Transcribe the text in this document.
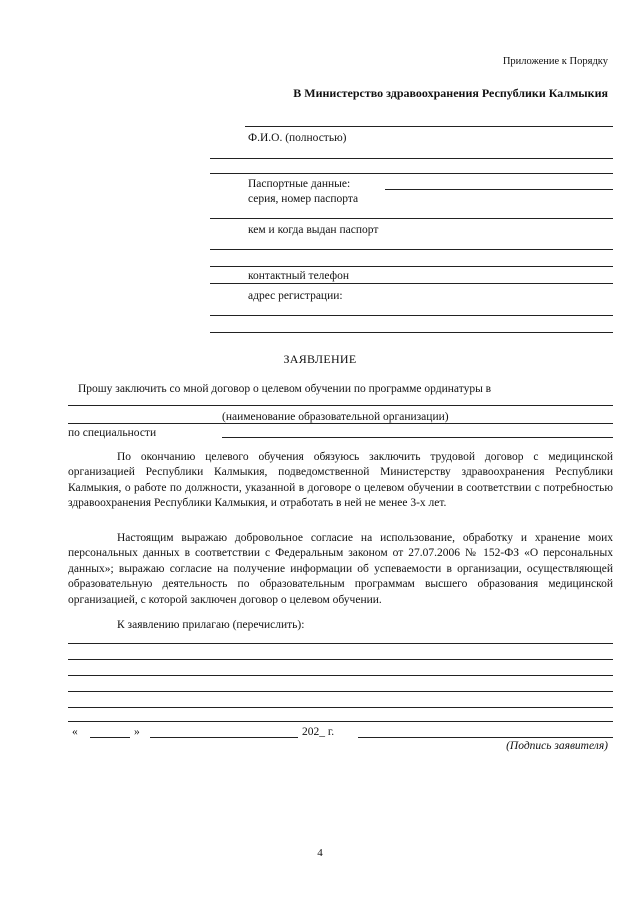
Приложение к Порядку
В Министерство здравоохранения Республики Калмыкия
Ф.И.О. (полностью)
Паспортные данные:
серия, номер паспорта
кем и когда выдан паспорт
контактный телефон
адрес регистрации:
ЗАЯВЛЕНИЕ
Прошу заключить со мной договор о целевом обучении по программе ординатуры в
(наименование образовательной организации)
по специальности

По окончанию целевого обучения обязуюсь заключить трудовой договор с медицинской организацией Республики Калмыкия, подведомственной Министерству здравоохранения Республики Калмыкия, о работе по должности, указанной в договоре о целевом обучении в соответствии с потребностью здравоохранения Республики Калмыкия, и отработать в ней не менее 3-х лет.

Настоящим выражаю добровольное согласие на использование, обработку и хранение моих персональных данных в соответствии с Федеральным законом от 27.07.2006 № 152-ФЗ «О персональных данных»; выражаю согласие на получение информации об успеваемости в организации, осуществляющей образовательную деятельность по образовательным программам высшего образования медицинской организацией, с которой заключен договор о целевом обучении.

К заявлению прилагаю (перечислить):
«	»	202_ г.
(Подпись заявителя)
4
